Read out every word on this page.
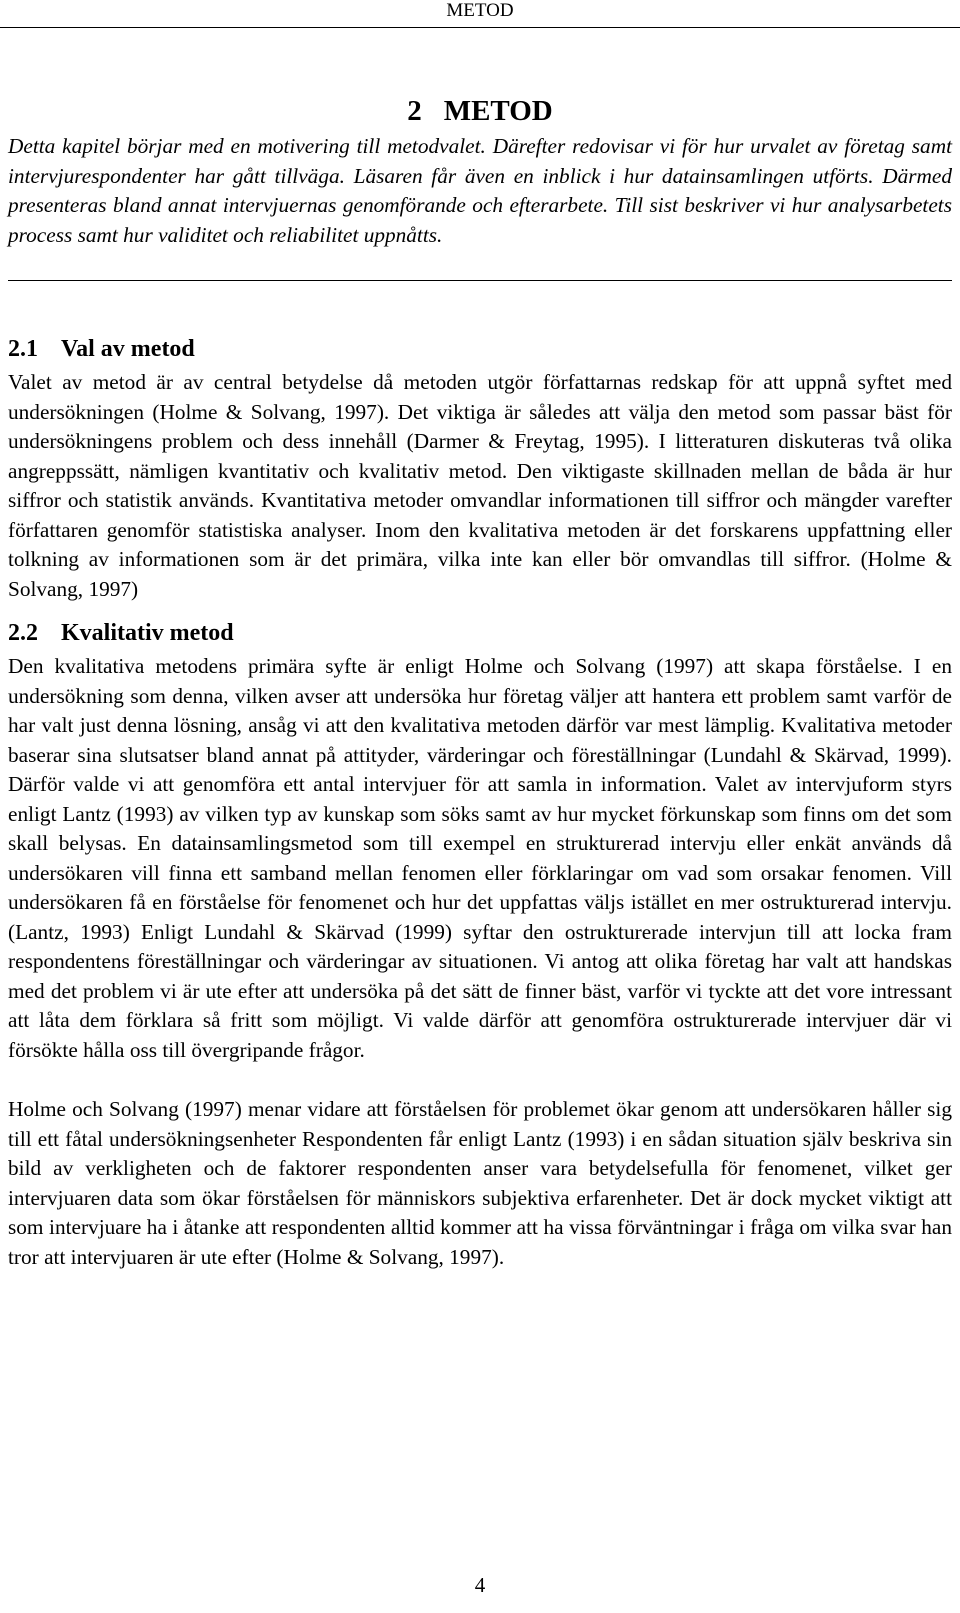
METOD
2 METOD

Detta kapitel börjar med en motivering till metodvalet. Därefter redovisar vi för hur urvalet av företag samt intervjurespondenter har gått tillväga. Läsaren får även en inblick i hur datainsamlingen utförts. Därmed presenteras bland annat intervjuernas genomförande och efterarbete. Till sist beskriver vi hur analysarbetets process samt hur validitet och reliabilitet uppnåtts.

2.1 Val av metod

Valet av metod är av central betydelse då metoden utgör författarnas redskap för att uppnå syftet med undersökningen (Holme & Solvang, 1997). Det viktiga är således att välja den metod som passar bäst för undersökningens problem och dess innehåll (Darmer & Freytag, 1995). I litteraturen diskuteras två olika angreppssätt, nämligen kvantitativ och kvalitativ metod. Den viktigaste skillnaden mellan de båda är hur siffror och statistik används. Kvantitativa metoder omvandlar informationen till siffror och mängder varefter författaren genomför statistiska analyser. Inom den kvalitativa metoden är det forskarens uppfattning eller tolkning av informationen som är det primära, vilka inte kan eller bör omvandlas till siffror. (Holme & Solvang, 1997)

2.2 Kvalitativ metod

Den kvalitativa metodens primära syfte är enligt Holme och Solvang (1997) att skapa förståelse. I en undersökning som denna, vilken avser att undersöka hur företag väljer att hantera ett problem samt varför de har valt just denna lösning, ansåg vi att den kvalitativa metoden därför var mest lämplig. Kvalitativa metoder baserar sina slutsatser bland annat på attityder, värderingar och föreställningar (Lundahl & Skärvad, 1999). Därför valde vi att genomföra ett antal intervjuer för att samla in information. Valet av intervjuform styrs enligt Lantz (1993) av vilken typ av kunskap som söks samt av hur mycket förkunskap som finns om det som skall belysas. En datainsamlingsmetod som till exempel en strukturerad intervju eller enkät används då undersökaren vill finna ett samband mellan fenomen eller förklaringar om vad som orsakar fenomen. Vill undersökaren få en förståelse för fenomenet och hur det uppfattas väljs istället en mer ostrukturerad intervju. (Lantz, 1993) Enligt Lundahl & Skärvad (1999) syftar den ostrukturerade intervjun till att locka fram respondentens föreställningar och värderingar av situationen. Vi antog att olika företag har valt att handskas med det problem vi är ute efter att undersöka på det sätt de finner bäst, varför vi tyckte att det vore intressant att låta dem förklara så fritt som möjligt. Vi valde därför att genomföra ostrukturerade intervjuer där vi försökte hålla oss till övergripande frågor.

Holme och Solvang (1997) menar vidare att förståelsen för problemet ökar genom att undersökaren håller sig till ett fåtal undersökningsenheter Respondenten får enligt Lantz (1993) i en sådan situation själv beskriva sin bild av verkligheten och de faktorer respondenten anser vara betydelsefulla för fenomenet, vilket ger intervjuaren data som ökar förståelsen för människors subjektiva erfarenheter. Det är dock mycket viktigt att som intervjuare ha i åtanke att respondenten alltid kommer att ha vissa förväntningar i fråga om vilka svar han tror att intervjuaren är ute efter (Holme & Solvang, 1997).

4
